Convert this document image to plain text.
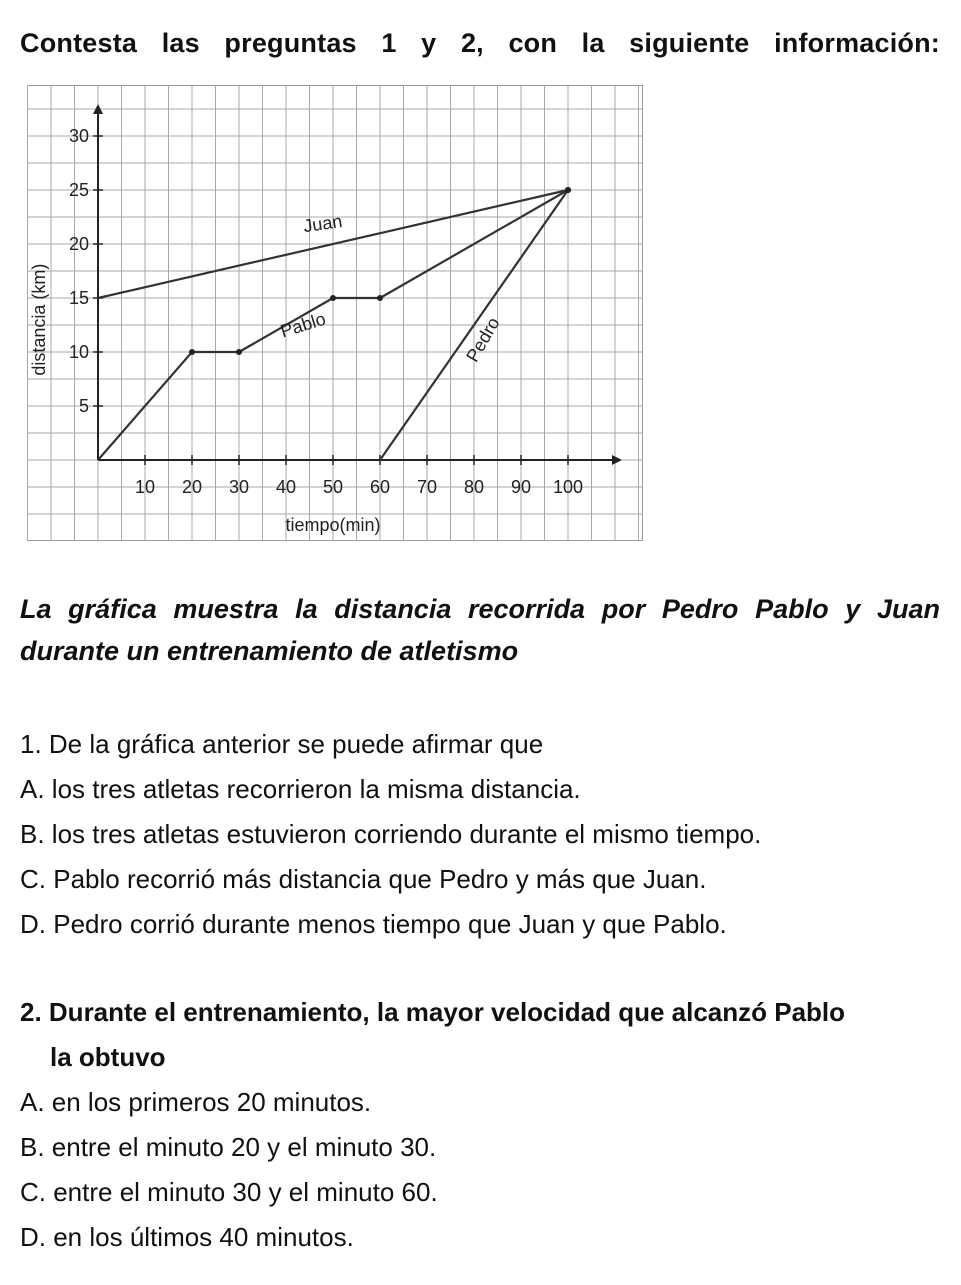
Contesta las preguntas 1 y 2, con la siguiente información:
10 20 30 40 50 60 70 80 90 100
5
10
15
20
25
30
tiempo(min)
distancia (km)
Juan
Pablo	Pedro
La gráfica muestra la distancia recorrida por Pedro Pablo y Juan durante un entrenamiento de atletismo
1. De la gráfica anterior se puede afirmar que
A. los tres atletas recorrieron la misma distancia.
B. los tres atletas estuvieron corriendo durante el mismo tiempo.
C. Pablo recorrió más distancia que Pedro y más que Juan.
D. Pedro corrió durante menos tiempo que Juan y que Pablo.
2. Durante el entrenamiento, la mayor velocidad que alcanzó Pablo
la obtuvo
A. en los primeros 20 minutos.
B. entre el minuto 20 y el minuto 30.
C. entre el minuto 30 y el minuto 60.
D. en los últimos 40 minutos.
